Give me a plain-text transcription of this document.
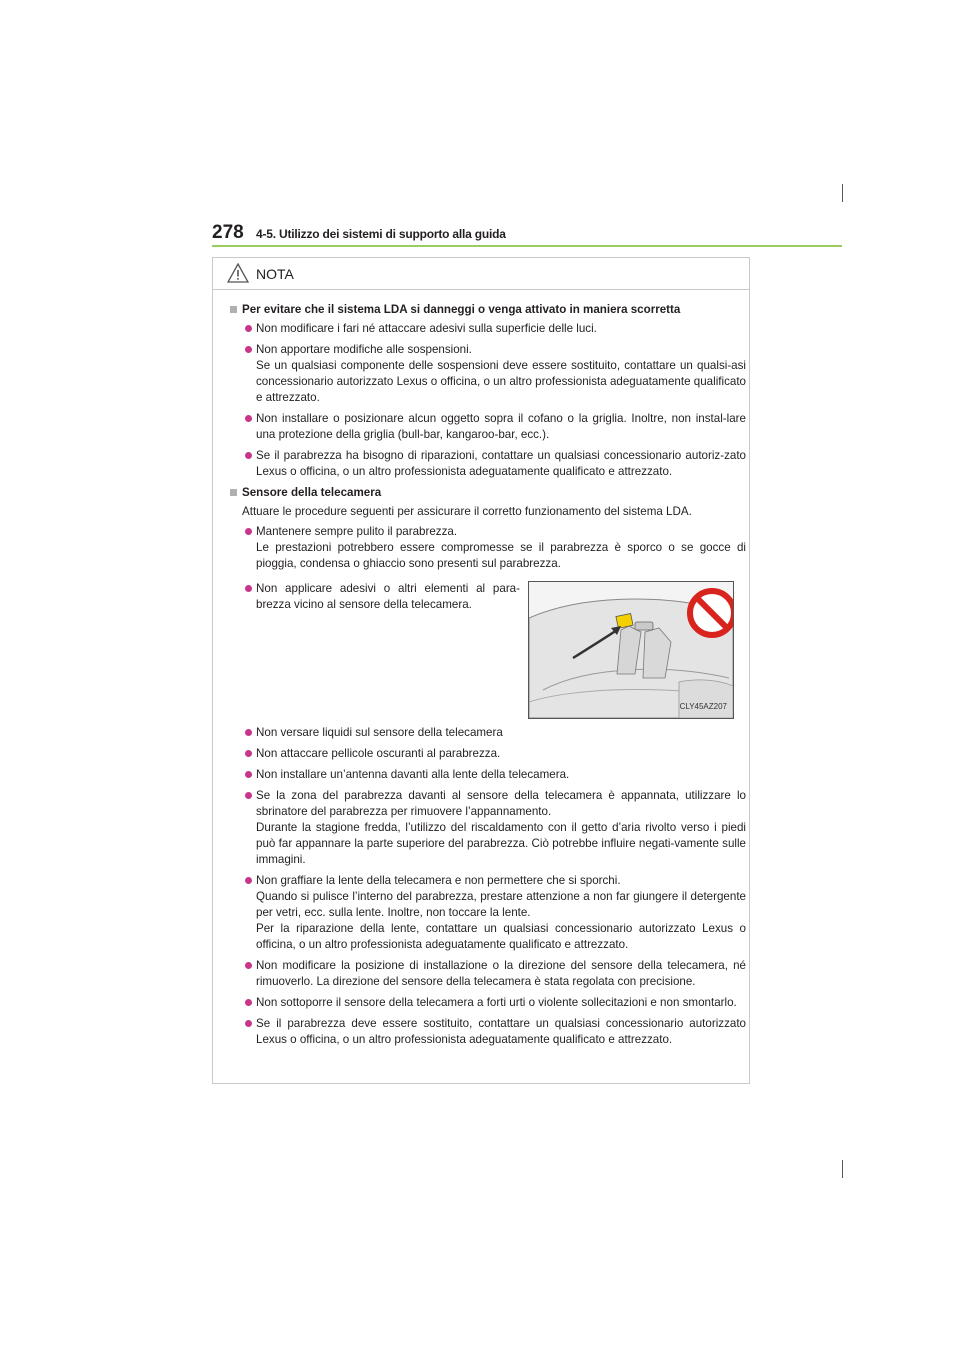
278 4-5. Utilizzo dei sistemi di supporto alla guida
NOTA
Per evitare che il sistema LDA si danneggi o venga attivato in maniera scorretta

Non modificare i fari né attaccare adesivi sulla superficie delle luci.

Non apportare modifiche alle sospensioni.

Se un qualsiasi componente delle sospensioni deve essere sostituito, contattare un qualsi-asi concessionario autorizzato Lexus o officina, o un altro professionista adeguatamente qualificato e attrezzato.

Non installare o posizionare alcun oggetto sopra il cofano o la griglia. Inoltre, non instal-lare una protezione della griglia (bull-bar, kangaroo-bar, ecc.).

Se il parabrezza ha bisogno di riparazioni, contattare un qualsiasi concessionario autoriz-zato Lexus o officina, o un altro professionista adeguatamente qualificato e attrezzato.

Sensore della telecamera
Attuare le procedure seguenti per assicurare il corretto funzionamento del sistema LDA.

Mantenere sempre pulito il parabrezza.

Le prestazioni potrebbero essere compromesse se il parabrezza è sporco o se gocce di pioggia, condensa o ghiaccio sono presenti sul parabrezza.

Non applicare adesivi o altri elementi al para-brezza vicino al sensore della telecamera.

CLY45AZ207

Non versare liquidi sul sensore della telecamera

Non attaccare pellicole oscuranti al parabrezza.

Non installare un’antenna davanti alla lente della telecamera.

Se la zona del parabrezza davanti al sensore della telecamera è appannata, utilizzare lo sbrinatore del parabrezza per rimuovere l’appannamento.

Durante la stagione fredda, l’utilizzo del riscaldamento con il getto d’aria rivolto verso i piedi può far appannare la parte superiore del parabrezza. Ciò potrebbe influire negati-vamente sulle immagini.

Non graffiare la lente della telecamera e non permettere che si sporchi.

Quando si pulisce l’interno del parabrezza, prestare attenzione a non far giungere il detergente per vetri, ecc. sulla lente. Inoltre, non toccare la lente.

Per la riparazione della lente, contattare un qualsiasi concessionario autorizzato Lexus o officina, o un altro professionista adeguatamente qualificato e attrezzato.

Non modificare la posizione di installazione o la direzione del sensore della telecamera, né rimuoverlo. La direzione del sensore della telecamera è stata regolata con precisione.

Non sottoporre il sensore della telecamera a forti urti o violente sollecitazioni e non smontarlo.

Se il parabrezza deve essere sostituito, contattare un qualsiasi concessionario autorizzato Lexus o officina, o un altro professionista adeguatamente qualificato e attrezzato.
